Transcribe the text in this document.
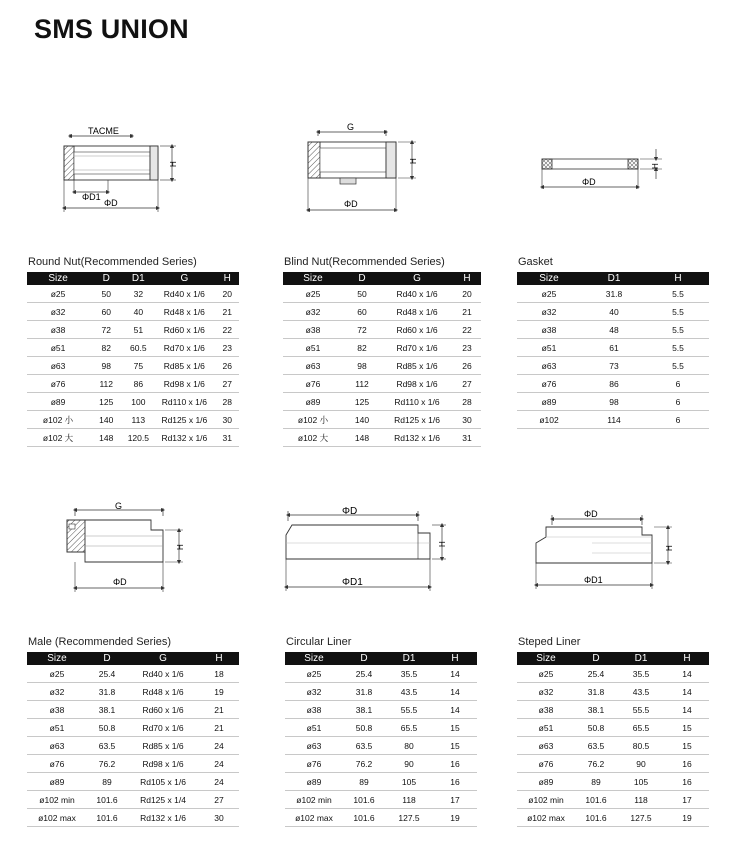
SMS UNION
TACME
H
ΦD1
ΦD
G
H
ΦD
H
ΦD
G
H
ΦD
ΦD
H
ΦD1
ΦD
H
ΦD1
Round Nut(Recommended Series)	Blind Nut(Recommended Series)	Gasket
Male (Recommended Series)	Circular Liner	Steped Liner
Size	D	D1	G	H
ø25	50	32	Rd40 x 1/6	20
ø32	60	40	Rd48 x 1/6	21
ø38	72	51	Rd60 x 1/6	22
ø51	82	60.5	Rd70 x 1/6	23
ø63	98	75	Rd85 x 1/6	26
ø76	112	86	Rd98 x 1/6	27
ø89	125	100	Rd110 x 1/6	28
ø102 小	140	113	Rd125 x 1/6	30
ø102 大	148	120.5	Rd132 x 1/6	31
Size	D	G	H
ø25	50	Rd40 x 1/6	20
ø32	60	Rd48 x 1/6	21
ø38	72	Rd60 x 1/6	22
ø51	82	Rd70 x 1/6	23
ø63	98	Rd85 x 1/6	26
ø76	112	Rd98 x 1/6	27
ø89	125	Rd110 x 1/6	28
ø102 小	140	Rd125 x 1/6	30
ø102 大	148	Rd132 x 1/6	31
Size	D1	H
ø25	31.8	5.5
ø32	40	5.5
ø38	48	5.5
ø51	61	5.5
ø63	73	5.5
ø76	86	6
ø89	98	6
ø102	114	6
Size	D	G	H
ø25	25.4	Rd40 x 1/6	18
ø32	31.8	Rd48 x 1/6	19
ø38	38.1	Rd60 x 1/6	21
ø51	50.8	Rd70 x 1/6	21
ø63	63.5	Rd85 x 1/6	24
ø76	76.2	Rd98 x 1/6	24
ø89	89	Rd105 x 1/6	24
ø102 min	101.6	Rd125 x 1/4	27
ø102 max	101.6	Rd132 x 1/6	30
Size	D	D1	H
ø25	25.4	35.5	14
ø32	31.8	43.5	14
ø38	38.1	55.5	14
ø51	50.8	65.5	15
ø63	63.5	80	15
ø76	76.2	90	16
ø89	89	105	16
ø102 min	101.6	118	17
ø102 max	101.6	127.5	19
Size	D	D1	H
ø25	25.4	35.5	14
ø32	31.8	43.5	14
ø38	38.1	55.5	14
ø51	50.8	65.5	15
ø63	63.5	80.5	15
ø76	76.2	90	16
ø89	89	105	16
ø102 min	101.6	118	17
ø102 max	101.6	127.5	19
